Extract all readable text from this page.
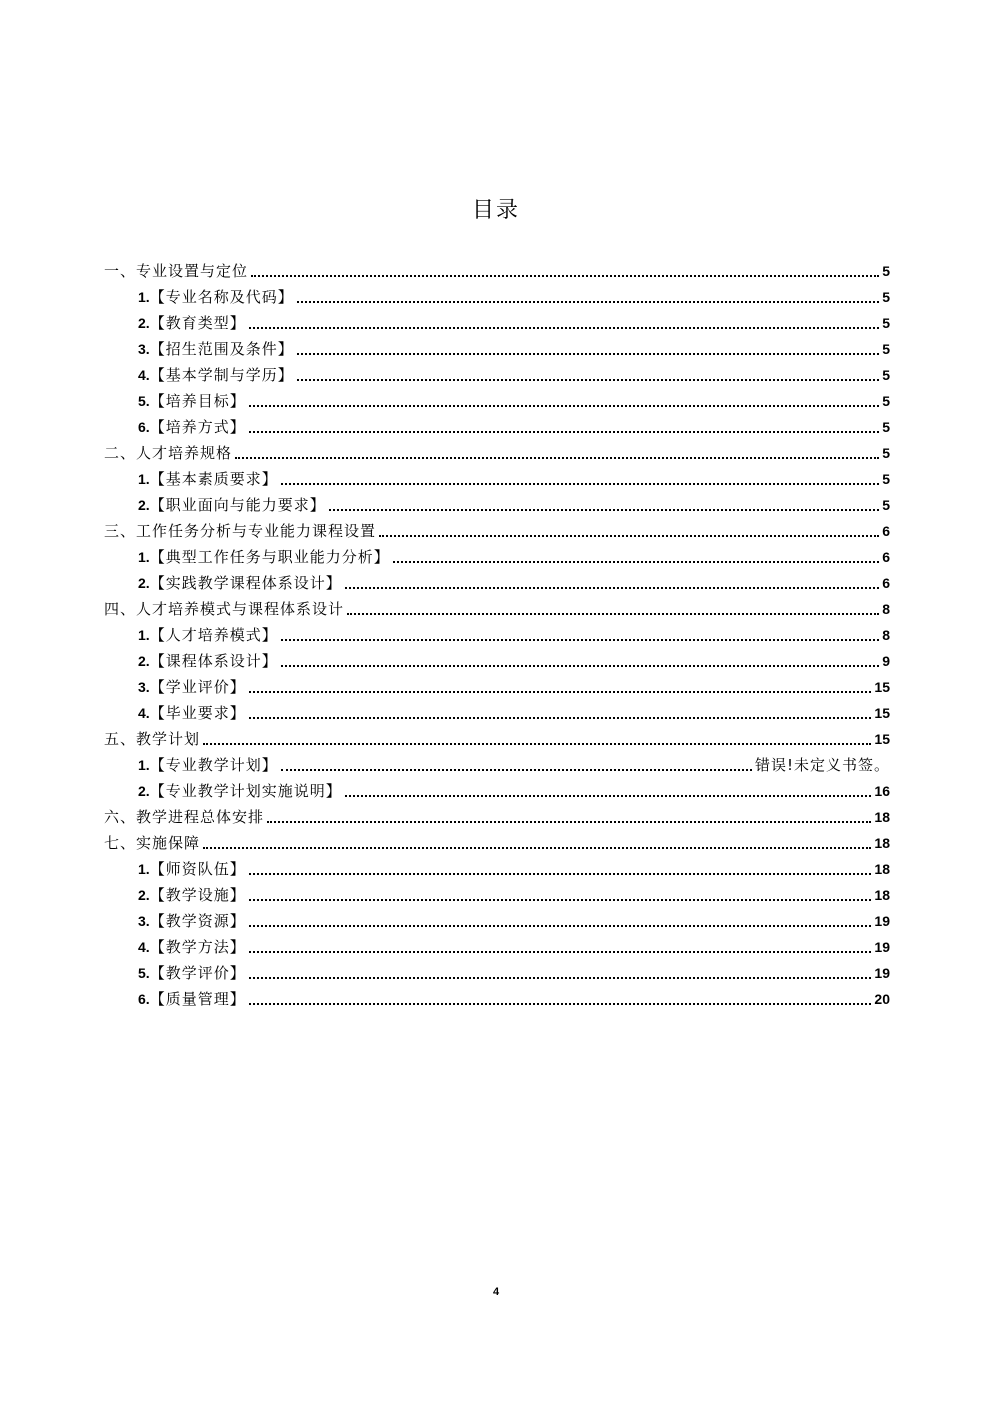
目录
一、专业设置与定位	5
1.【专业名称及代码】	5
2.【教育类型】	5
3.【招生范围及条件】	5
4.【基本学制与学历】	5
5.【培养目标】	5
6.【培养方式】	5
二、人才培养规格	5
1.【基本素质要求】	5
2.【职业面向与能力要求】	5
三、工作任务分析与专业能力课程设置	6
1.【典型工作任务与职业能力分析】	6
2.【实践教学课程体系设计】	6
四、人才培养模式与课程体系设计	8
1.【人才培养模式】	8
2.【课程体系设计】	9
3.【学业评价】	15
4.【毕业要求】	15
五、教学计划	15
1.【专业教学计划】	错误!未定义书签。
2.【专业教学计划实施说明】	16
六、教学进程总体安排	18
七、实施保障	18
1.【师资队伍】	18
2.【教学设施】	18
3.【教学资源】	19
4.【教学方法】	19
5.【教学评价】	19
6.【质量管理】	20
4
